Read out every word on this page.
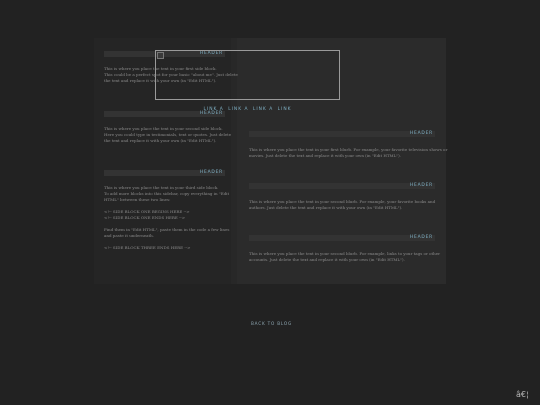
HEADER
This is where you place the text in your first side block.
This could be a perfect spot for your basic "about me". Just delete
the text and replace it with your own (in "Edit HTML").
HEADER
This is where you place the text in your second side block.
Here you could type in testimonials, text or quotes. Just delete
the text and replace it with your own (in "Edit HTML").
HEADER
This is where you place the text in your third side block.
To add more blocks into this sidebar, copy everything in "Edit
HTML" between these two lines:

<!-- SIDE BLOCK ONE BEGINS HERE -->
<!-- SIDE BLOCK ONE ENDS HERE -->

Find them in "Edit HTML", paste them in the code a few lines
and paste it underneath.

<!-- SIDE BLOCK THREE ENDS HERE -->
LINK A LINK A LINK A LINK
HEADER
This is where you place the text in your first blurb. For example, your favorite television shows or
movies. Just delete the text and replace it with your own (in "Edit HTML").
HEADER
This is where you place the text in your second blurb. For example, your favorite books and
authors. Just delete the text and replace it with your own (in "Edit HTML").
HEADER
This is where you place the text in your second blurb. For example, links to your tags or other
accounts. Just delete the text and replace it with your own (in "Edit HTML").
BACK TO BLOG
â€¦
